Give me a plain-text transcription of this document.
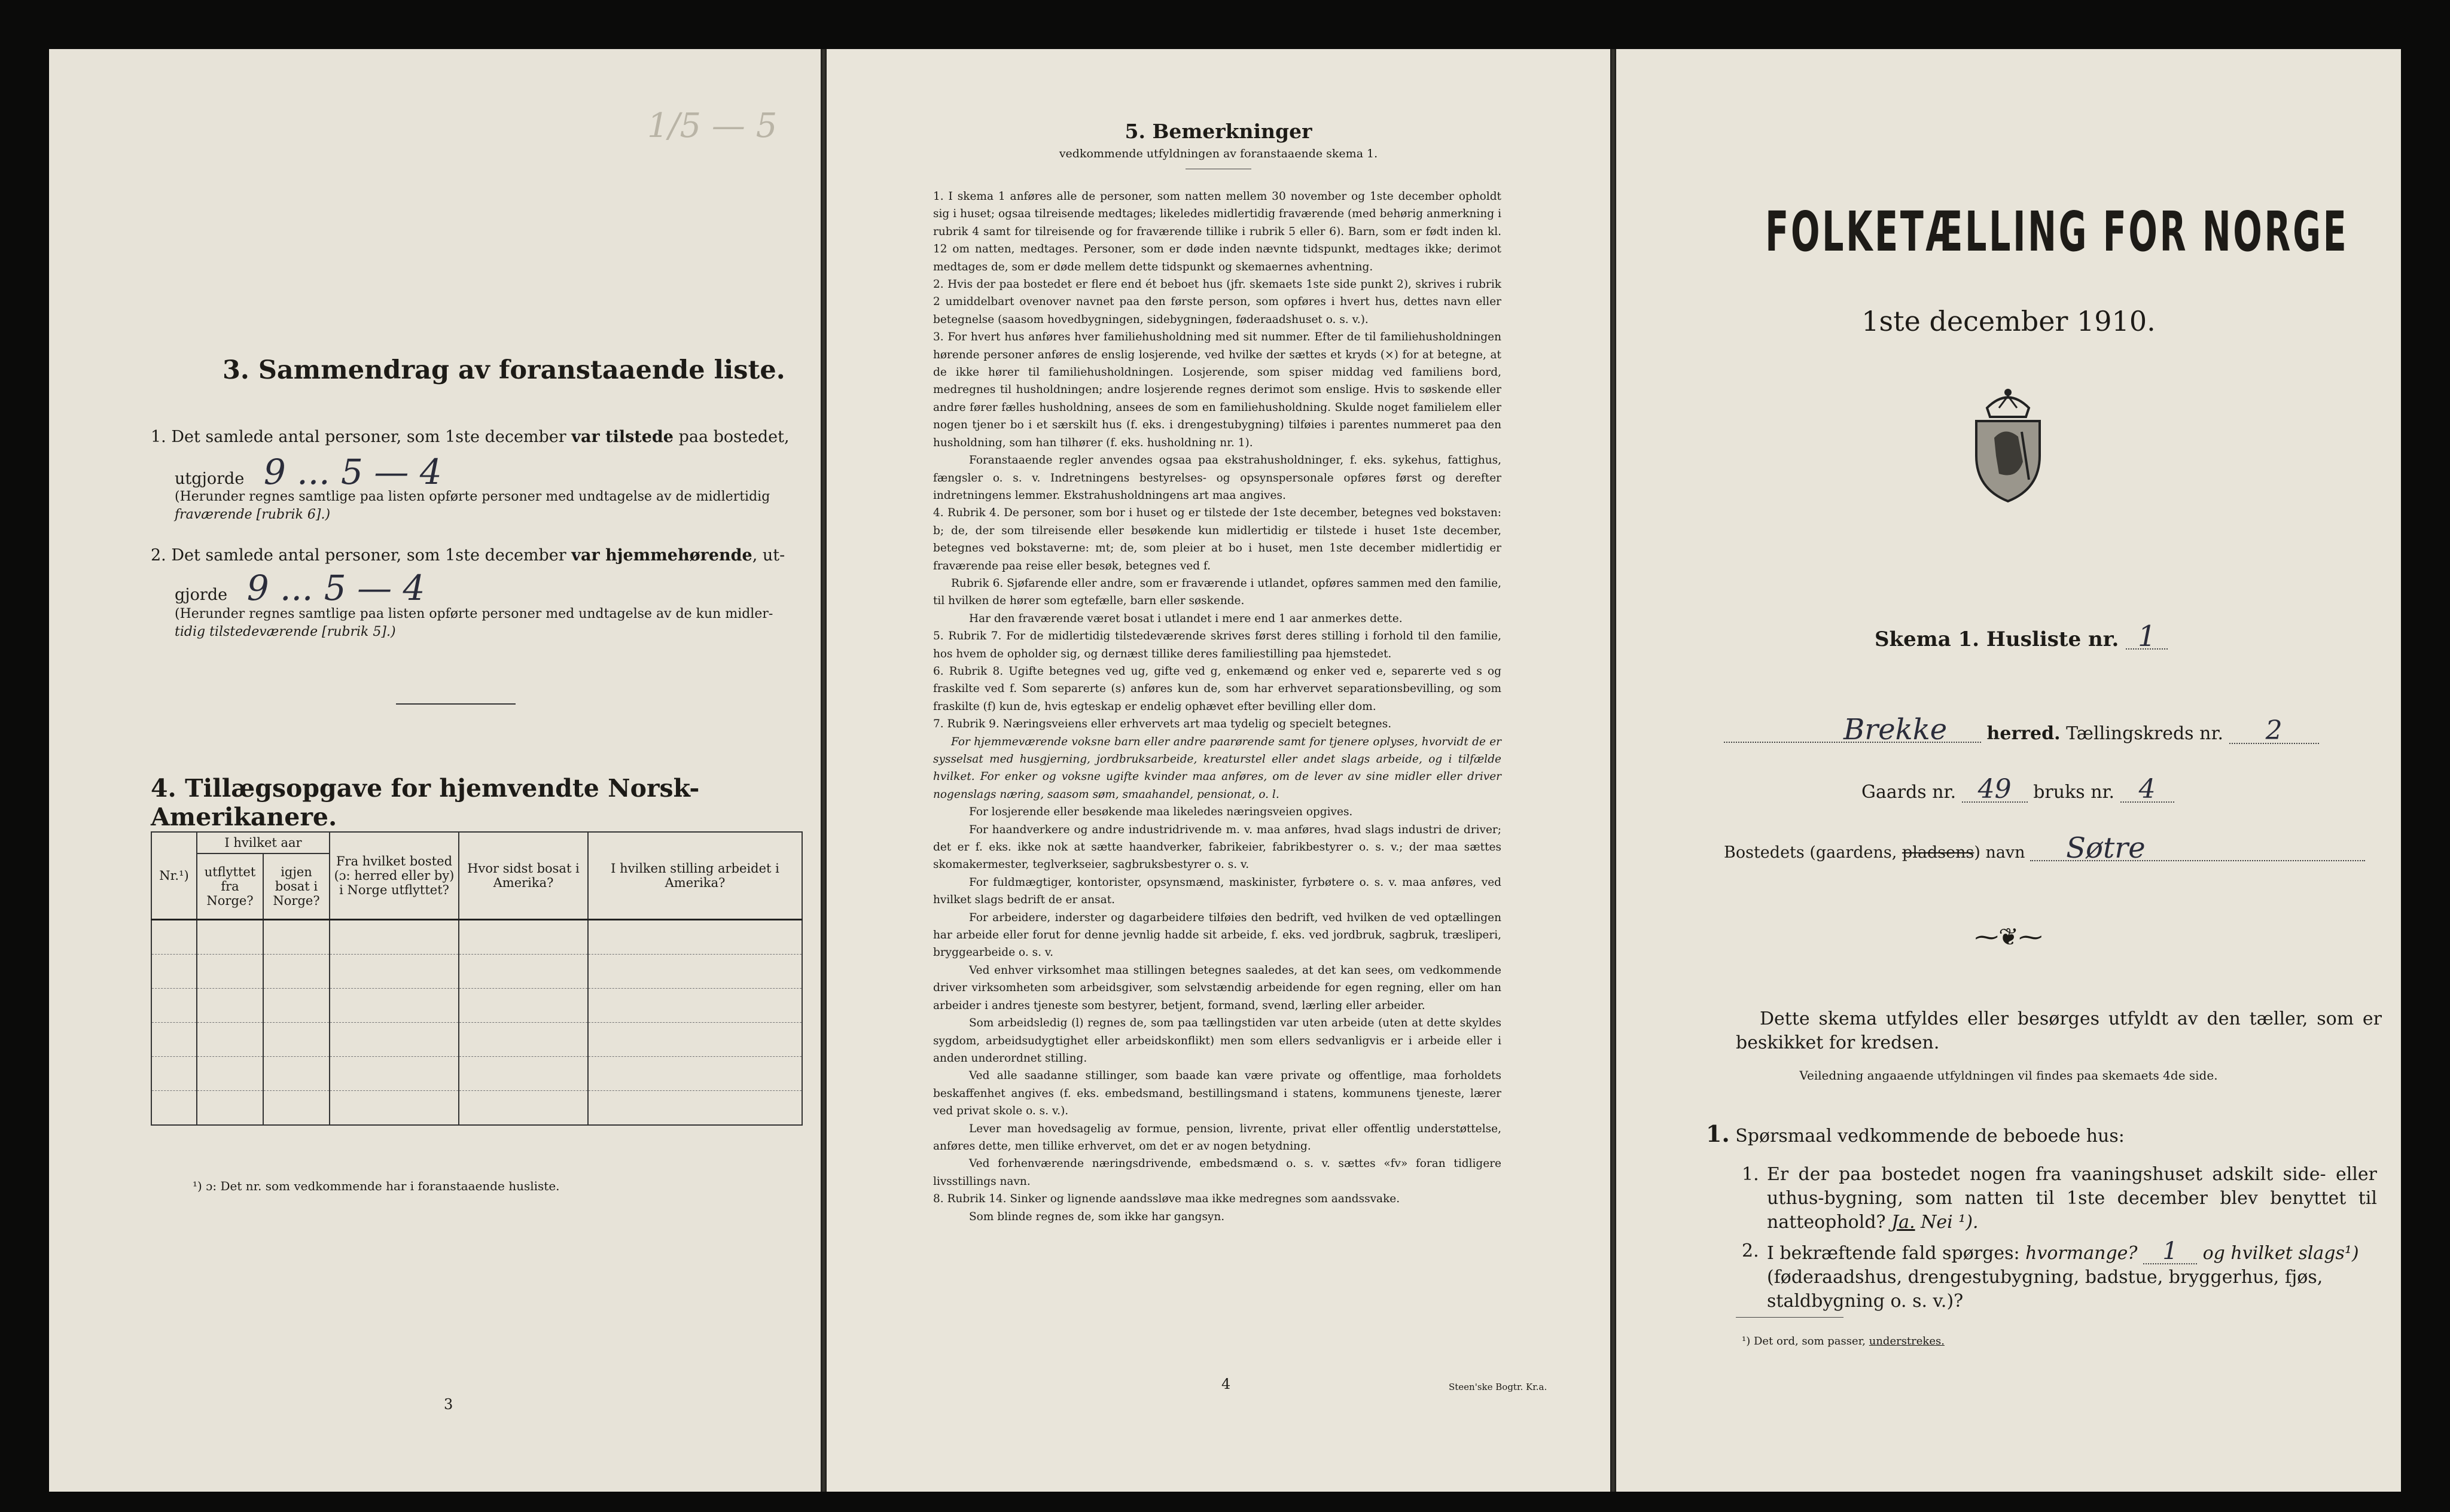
1/5 — 5
3. Sammendrag av foranstaaende liste.
1. Det samlede antal personer, som 1ste december var tilstede paa bostedet,
utgjorde 9 ... 5 — 4
(Herunder regnes samtlige paa listen opførte personer med undtagelse av de midlertidig
fraværende [rubrik 6].)
2. Det samlede antal personer, som 1ste december var hjemmehørende, ut-
gjorde 9 ... 5 — 4
(Herunder regnes samtlige paa listen opførte personer med undtagelse av de kun midler-
tidig tilstedeværende [rubrik 5].)
4. Tillægsopgave for hjemvendte Norsk-Amerikanere.
Nr.¹)	I hvilket aar		Fra hvilket bosted (ɔ: herred eller by) i Norge utflyttet?	Hvor sidst bosat i Amerika?	I hvilken stilling arbeidet i Amerika?
	utflyttet fra Norge?	igjen bosat i Norge?			

¹) ɔ: Det nr. som vedkommende har i foranstaaende husliste.
3
5. Bemerkninger
vedkommende utfyldningen av foranstaaende skema 1.

1. I skema 1 anføres alle de personer, som natten mellem 30 november og 1ste december opholdt sig i huset; ogsaa tilreisende medtages; likeledes midlertidig fraværende (med behørig anmerkning i rubrik 4 samt for tilreisende og for fraværende tillike i rubrik 5 eller 6). Barn, som er født inden kl. 12 om natten, medtages. Personer, som er døde inden nævnte tidspunkt, medtages ikke; derimot medtages de, som er døde mellem dette tidspunkt og skemaernes avhentning.

2. Hvis der paa bostedet er flere end ét beboet hus (jfr. skemaets 1ste side punkt 2), skrives i rubrik 2 umiddelbart ovenover navnet paa den første person, som opføres i hvert hus, dettes navn eller betegnelse (saasom hovedbygningen, sidebygningen, føderaadshuset o. s. v.).

3. For hvert hus anføres hver familiehusholdning med sit nummer. Efter de til familiehusholdningen hørende personer anføres de enslig losjerende, ved hvilke der sættes et kryds (×) for at betegne, at de ikke hører til familiehusholdningen. Losjerende, som spiser middag ved familiens bord, medregnes til husholdningen; andre losjerende regnes derimot som enslige. Hvis to søskende eller andre fører fælles husholdning, ansees de som en familiehusholdning. Skulde noget familielem eller nogen tjener bo i et særskilt hus (f. eks. i drengestubygning) tilføies i parentes nummeret paa den husholdning, som han tilhører (f. eks. husholdning nr. 1).

Foranstaaende regler anvendes ogsaa paa ekstrahusholdninger, f. eks. sykehus, fattighus, fængsler o. s. v. Indretningens bestyrelses- og opsynspersonale opføres først og derefter indretningens lemmer. Ekstrahusholdningens art maa angives.

4. Rubrik 4. De personer, som bor i huset og er tilstede der 1ste december, betegnes ved bokstaven: b; de, der som tilreisende eller besøkende kun midlertidig er tilstede i huset 1ste december, betegnes ved bokstaverne: mt; de, som pleier at bo i huset, men 1ste december midlertidig er fraværende paa reise eller besøk, betegnes ved f.

Rubrik 6. Sjøfarende eller andre, som er fraværende i utlandet, opføres sammen med den familie, til hvilken de hører som egtefælle, barn eller søskende.

Har den fraværende været bosat i utlandet i mere end 1 aar anmerkes dette.

5. Rubrik 7. For de midlertidig tilstedeværende skrives først deres stilling i forhold til den familie, hos hvem de opholder sig, og dernæst tillike deres familiestilling paa hjemstedet.

6. Rubrik 8. Ugifte betegnes ved ug, gifte ved g, enkemænd og enker ved e, separerte ved s og fraskilte ved f. Som separerte (s) anføres kun de, som har erhvervet separationsbevilling, og som fraskilte (f) kun de, hvis egteskap er endelig ophævet efter bevilling eller dom.

7. Rubrik 9. Næringsveiens eller erhvervets art maa tydelig og specielt betegnes.

For hjemmeværende voksne barn eller andre paarørende samt for tjenere oplyses, hvorvidt de er sysselsat med husgjerning, jordbruksarbeide, kreaturstel eller andet slags arbeide, og i tilfælde hvilket. For enker og voksne ugifte kvinder maa anføres, om de lever av sine midler eller driver nogenslags næring, saasom søm, smaahandel, pensionat, o. l.

For losjerende eller besøkende maa likeledes næringsveien opgives.

For haandverkere og andre industridrivende m. v. maa anføres, hvad slags industri de driver; det er f. eks. ikke nok at sætte haandverker, fabrikeier, fabrikbestyrer o. s. v.; der maa sættes skomakermester, teglverkseier, sagbruksbestyrer o. s. v.

For fuldmægtiger, kontorister, opsynsmænd, maskinister, fyrbøtere o. s. v. maa anføres, ved hvilket slags bedrift de er ansat.

For arbeidere, inderster og dagarbeidere tilføies den bedrift, ved hvilken de ved optællingen har arbeide eller forut for denne jevnlig hadde sit arbeide, f. eks. ved jordbruk, sagbruk, træsliperi, bryggearbeide o. s. v.

Ved enhver virksomhet maa stillingen betegnes saaledes, at det kan sees, om vedkommende driver virksomheten som arbeidsgiver, som selvstændig arbeidende for egen regning, eller om han arbeider i andres tjeneste som bestyrer, betjent, formand, svend, lærling eller arbeider.

Som arbeidsledig (l) regnes de, som paa tællingstiden var uten arbeide (uten at dette skyldes sygdom, arbeidsudygtighet eller arbeidskonflikt) men som ellers sedvanligvis er i arbeide eller i anden underordnet stilling.

Ved alle saadanne stillinger, som baade kan være private og offentlige, maa forholdets beskaffenhet angives (f. eks. embedsmand, bestillingsmand i statens, kommunens tjeneste, lærer ved privat skole o. s. v.).

Lever man hovedsagelig av formue, pension, livrente, privat eller offentlig understøttelse, anføres dette, men tillike erhvervet, om det er av nogen betydning.

Ved forhenværende næringsdrivende, embedsmænd o. s. v. sættes «fv» foran tidligere livsstillings navn.

8. Rubrik 14. Sinker og lignende aandssløve maa ikke medregnes som aandssvake.

Som blinde regnes de, som ikke har gangsyn.

4	Steen'ske Bogtr. Kr.a.
FOLKETÆLLING FOR NORGE
1ste december 1910.
Skema 1. Husliste nr. 1
Brekke herred. Tællingskreds nr. 2
Gaards nr. 49 bruks nr. 4
Bostedets (gaardens, pladsens) navn Søtre
⁓❦⁓
Dette skema utfyldes eller besørges utfyldt av den tæller, som er beskikket for kredsen.
Veiledning angaaende utfyldningen vil findes paa skemaets 4de side.
1. Spørsmaal vedkommende de beboede hus:
1. Er der paa bostedet nogen fra vaaningshuset adskilt side- eller uthus-bygning, som natten til 1ste december blev benyttet til natteophold? Ja. Nei ¹).
2. I bekræftende fald spørges: hvormange? 1 og hvilket slags¹) (føderaadshus, drengestubygning, badstue, bryggerhus, fjøs, staldbygning o. s. v.)?
¹) Det ord, som passer, understrekes.
